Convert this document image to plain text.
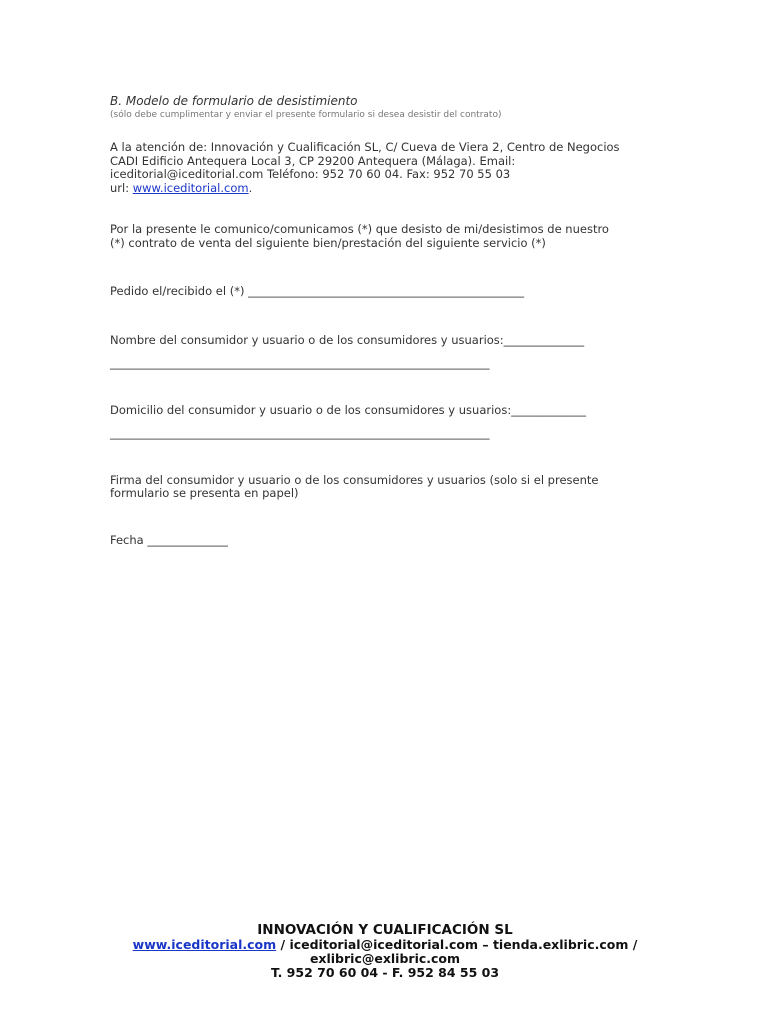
B. Modelo de formulario de desistimiento

(sólo debe cumplimentar y enviar el presente formulario si desea desistir del contrato)

A la atención de: Innovación y Cualificación SL, C/ Cueva de Viera 2, Centro de Negocios

CADI Edificio Antequera Local 3, CP 29200 Antequera (Málaga). Email:

iceditorial@iceditorial.com Teléfono: 952 70 60 04. Fax: 952 70 55 03

url: www.iceditorial.com.

Por la presente le comunico/comunicamos (*) que desisto de mi/desistimos de nuestro

(*) contrato de venta del siguiente bien/prestación del siguiente servicio (*)

Pedido el/recibido el (*) ________________________________________________

Nombre del consumidor y usuario o de los consumidores y usuarios:______________

__________________________________________________________________

Domicilio del consumidor y usuario o de los consumidores y usuarios:_____________

__________________________________________________________________

Firma del consumidor y usuario o de los consumidores y usuarios (solo si el presente

formulario se presenta en papel)

Fecha ______________

INNOVACIÓN Y CUALIFICACIÓN SL
www.iceditorial.com / iceditorial@iceditorial.com – tienda.exlibric.com /
exlibric@exlibric.com
T. 952 70 60 04 - F. 952 84 55 03
